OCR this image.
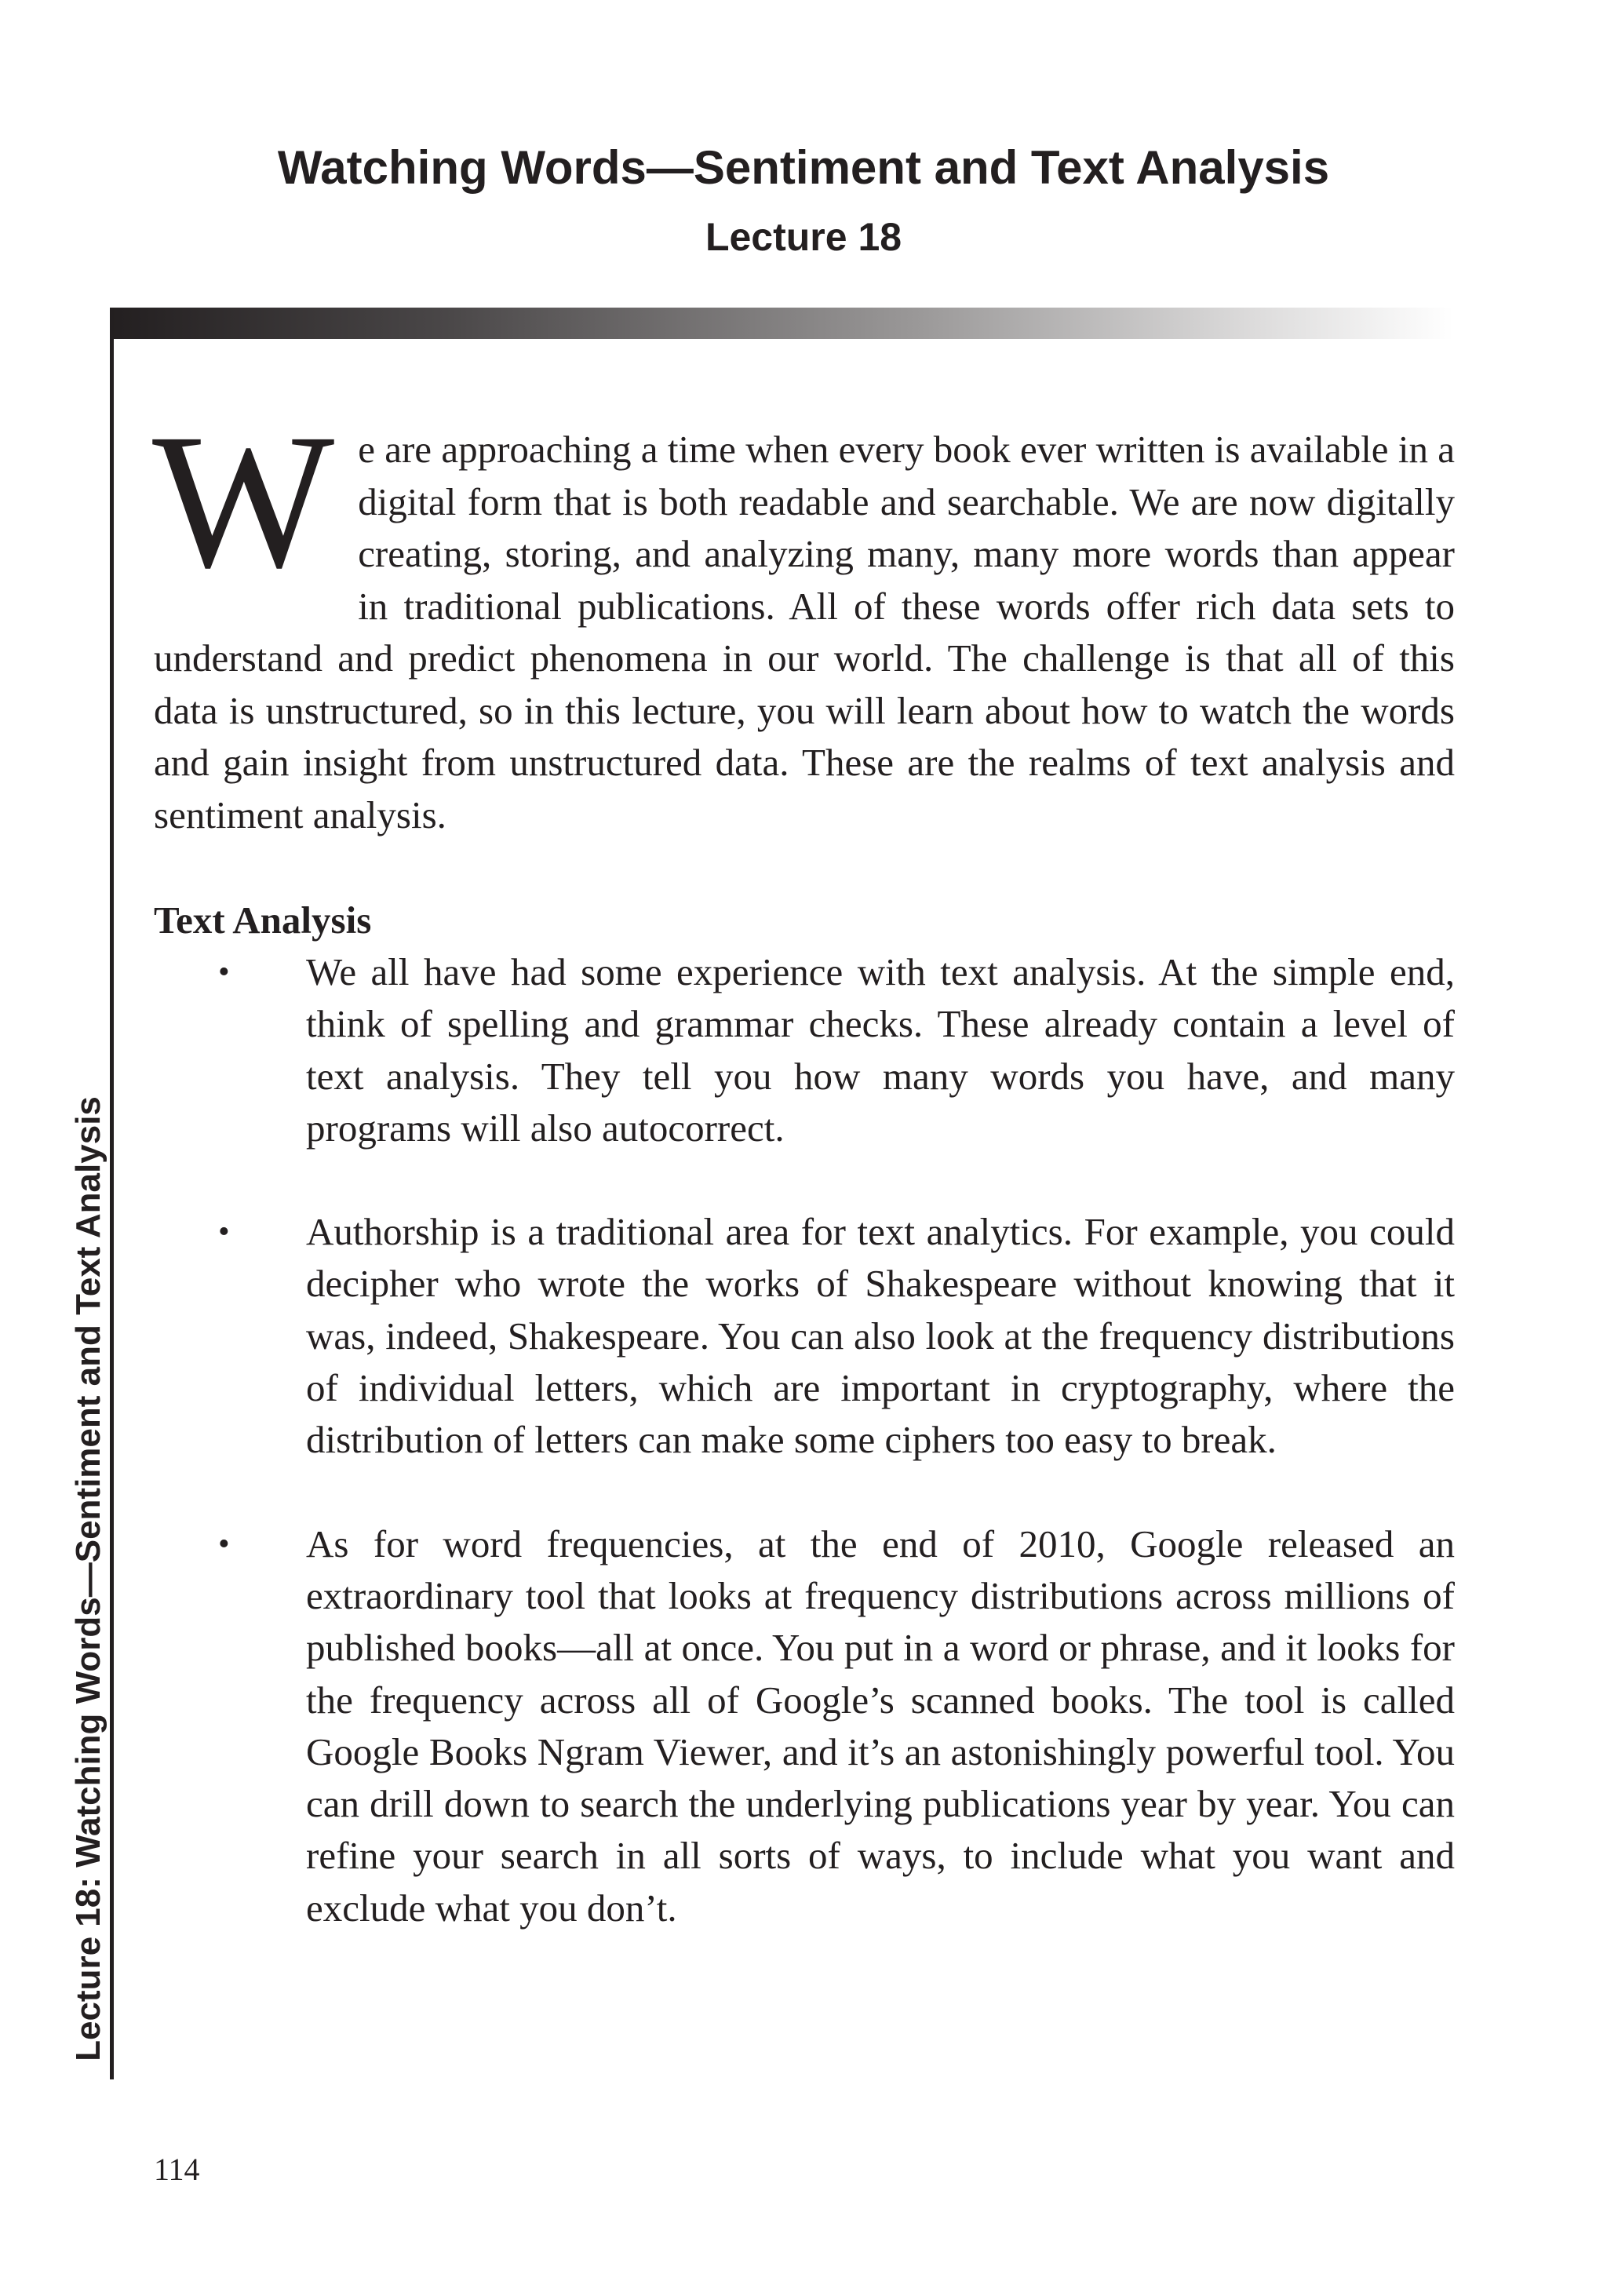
Watching Words—Sentiment and Text Analysis
Lecture 18
Lecture 18: Watching Words—Sentiment and Text Analysis

We are approaching a time when every book ever written is available in a digital form that is both readable and searchable. We are now digitally creating, storing, and analyzing many, many more words than appear in traditional publications. All of these words offer rich data sets to understand and predict phenomena in our world. The challenge is that all of this data is unstructured, so in this lecture, you will learn about how to watch the words and gain insight from unstructured data. These are the realms of text analysis and sentiment analysis.

Text Analysis
• We all have had some experience with text analysis. At the simple end, think of spelling and grammar checks. These already contain a level of text analysis. They tell you how many words you have, and many programs will also autocorrect.
• Authorship is a traditional area for text analytics. For example, you could decipher who wrote the works of Shakespeare without knowing that it was, indeed, Shakespeare. You can also look at the frequency distributions of individual letters, which are important in cryptography, where the distribution of letters can make some ciphers too easy to break.
• As for word frequencies, at the end of 2010, Google released an extraordinary tool that looks at frequency distributions across millions of published books—all at once. You put in a word or phrase, and it looks for the frequency across all of Google’s scanned books. The tool is called Google Books Ngram Viewer, and it’s an astonishingly powerful tool. You can drill down to search the underlying publications year by year. You can refine your search in all sorts of ways, to include what you want and exclude what you don’t.
114
